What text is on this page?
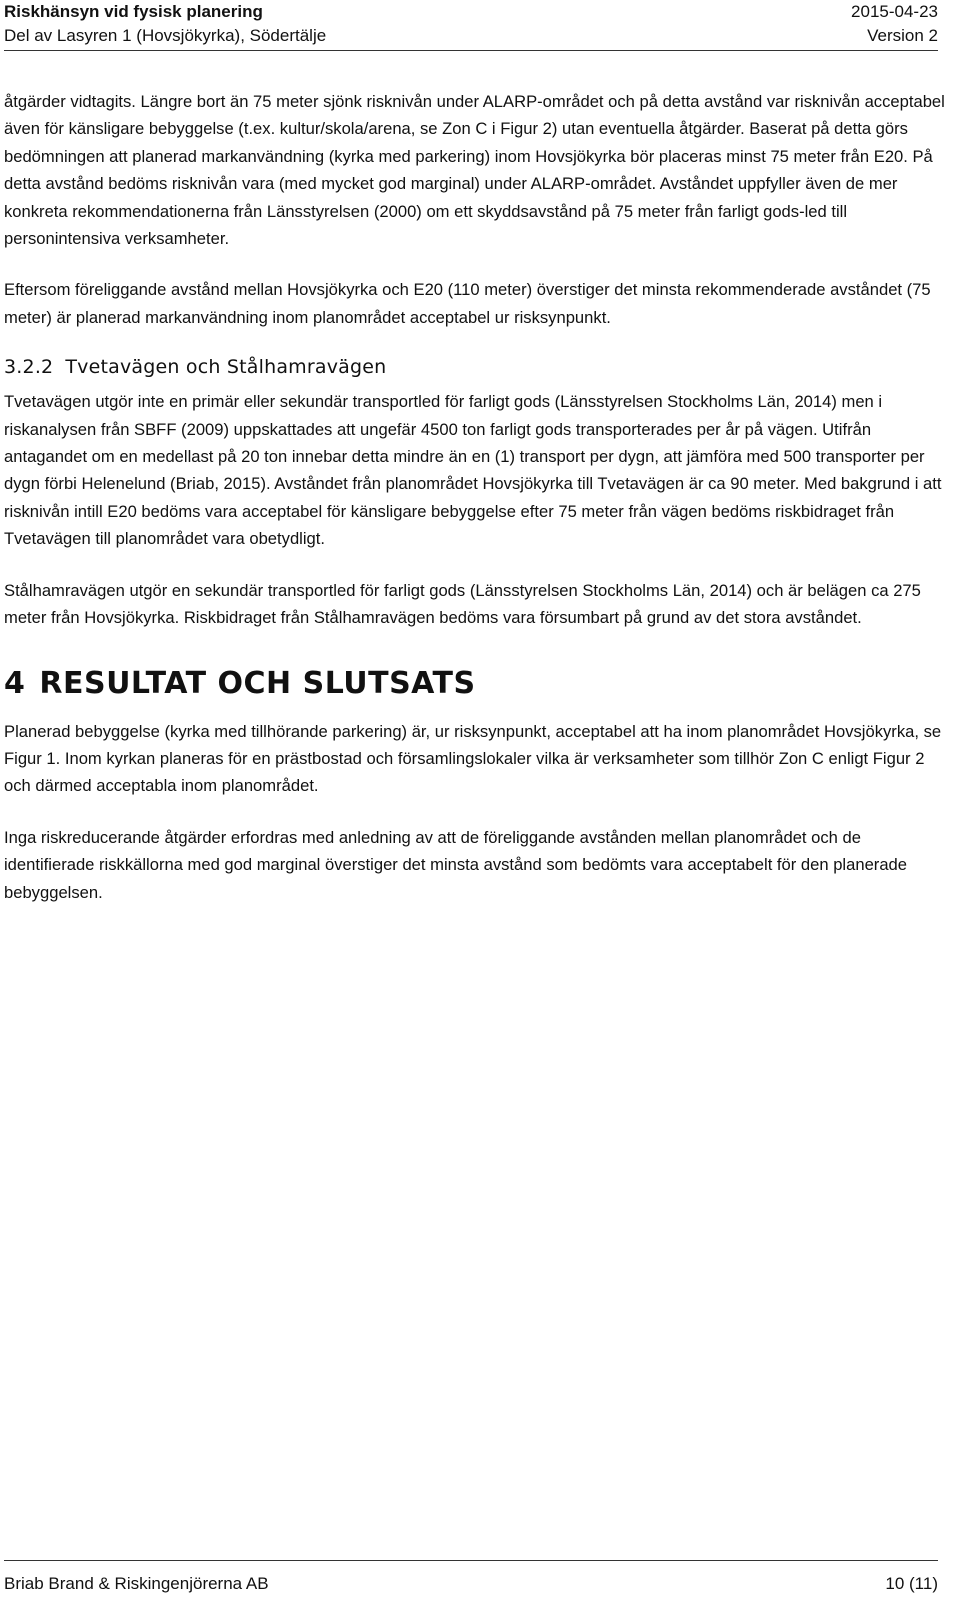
Riskhänsyn vid fysisk planering	2015-04-23
Del av Lasyren 1 (Hovsjökyrka), Södertälje	Version 2

åtgärder vidtagits. Längre bort än 75 meter sjönk risknivån under ALARP-området och på detta avstånd var risknivån acceptabel även för känsligare bebyggelse (t.ex. kultur/skola/arena, se Zon C i Figur 2) utan eventuella åtgärder. Baserat på detta görs bedömningen att planerad markanvändning (kyrka med parkering) inom Hovsjökyrka bör placeras minst 75 meter från E20. På detta avstånd bedöms risknivån vara (med mycket god marginal) under ALARP-området. Avståndet uppfyller även de mer konkreta rekommendationerna från Länsstyrelsen (2000) om ett skyddsavstånd på 75 meter från farligt gods-led till personintensiva verksamheter.

Eftersom föreliggande avstånd mellan Hovsjökyrka och E20 (110 meter) överstiger det minsta rekommenderade avståndet (75 meter) är planerad markanvändning inom planområdet acceptabel ur risksynpunkt.

3.2.2 Tvetavägen och Stålhamravägen

Tvetavägen utgör inte en primär eller sekundär transportled för farligt gods (Länsstyrelsen Stockholms Län, 2014) men i riskanalysen från SBFF (2009) uppskattades att ungefär 4500 ton farligt gods transporterades per år på vägen. Utifrån antagandet om en medellast på 20 ton innebar detta mindre än en (1) transport per dygn, att jämföra med 500 transporter per dygn förbi Helenelund (Briab, 2015). Avståndet från planområdet Hovsjökyrka till Tvetavägen är ca 90 meter. Med bakgrund i att risknivån intill E20 bedöms vara acceptabel för känsligare bebyggelse efter 75 meter från vägen bedöms riskbidraget från Tvetavägen till planområdet vara obetydligt.

Stålhamravägen utgör en sekundär transportled för farligt gods (Länsstyrelsen Stockholms Län, 2014) och är belägen ca 275 meter från Hovsjökyrka. Riskbidraget från Stålhamravägen bedöms vara försumbart på grund av det stora avståndet.

4 RESULTAT OCH SLUTSATS

Planerad bebyggelse (kyrka med tillhörande parkering) är, ur risksynpunkt, acceptabel att ha inom planområdet Hovsjökyrka, se Figur 1. Inom kyrkan planeras för en prästbostad och församlingslokaler vilka är verksamheter som tillhör Zon C enligt Figur 2 och därmed acceptabla inom planområdet.

Inga riskreducerande åtgärder erfordras med anledning av att de föreliggande avstånden mellan planområdet och de identifierade riskkällorna med god marginal överstiger det minsta avstånd som bedömts vara acceptabelt för den planerade bebyggelsen.

Briab Brand & Riskingenjörerna AB	10 (11)
